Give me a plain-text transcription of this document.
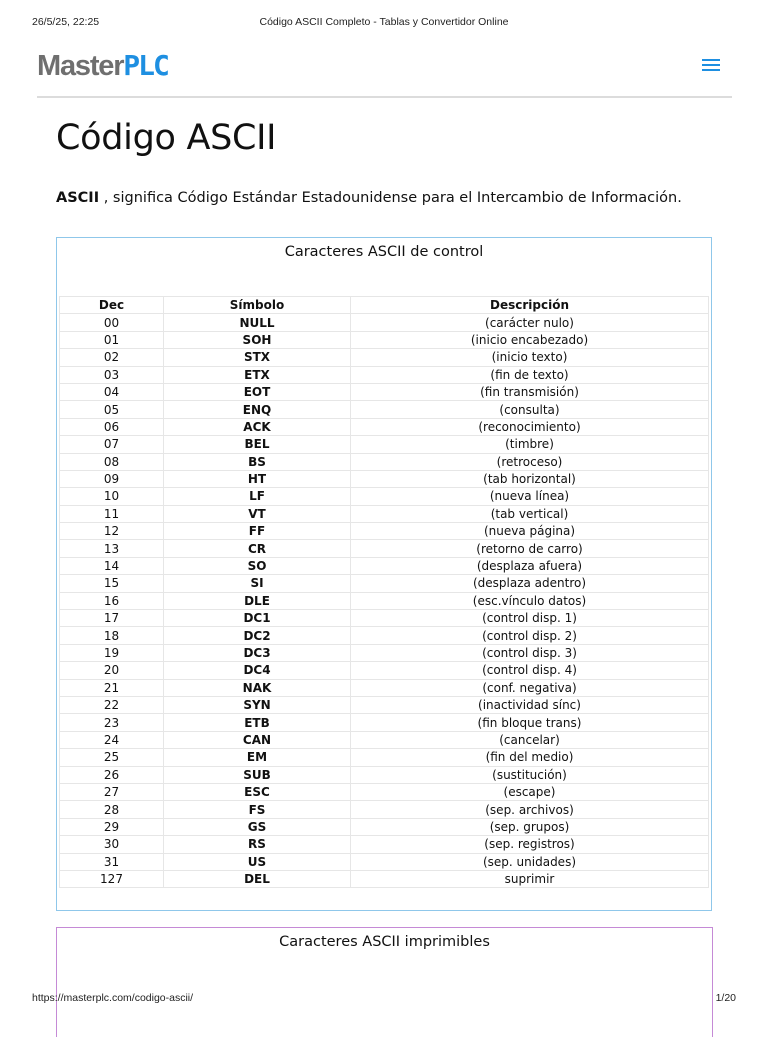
26/5/25, 22:25	Código ASCII Completo - Tablas y Convertidor Online
MasterPLC
Código ASCII

ASCII , significa Código Estándar Estadounidense para el Intercambio de Información.

Caracteres ASCII de control
Dec	Símbolo	Descripción
00	NULL	(carácter nulo)
01	SOH	(inicio encabezado)
02	STX	(inicio texto)
03	ETX	(fin de texto)
04	EOT	(fin transmisión)
05	ENQ	(consulta)
06	ACK	(reconocimiento)
07	BEL	(timbre)
08	BS	(retroceso)
09	HT	(tab horizontal)
10	LF	(nueva línea)
11	VT	(tab vertical)
12	FF	(nueva página)
13	CR	(retorno de carro)
14	SO	(desplaza afuera)
15	SI	(desplaza adentro)
16	DLE	(esc.vínculo datos)
17	DC1	(control disp. 1)
18	DC2	(control disp. 2)
19	DC3	(control disp. 3)
20	DC4	(control disp. 4)
21	NAK	(conf. negativa)
22	SYN	(inactividad sínc)
23	ETB	(fin bloque trans)
24	CAN	(cancelar)
25	EM	(fin del medio)
26	SUB	(sustitución)
27	ESC	(escape)
28	FS	(sep. archivos)
29	GS	(sep. grupos)
30	RS	(sep. registros)
31	US	(sep. unidades)
127	DEL	suprimir
Caracteres ASCII imprimibles
https://masterplc.com/codigo-ascii/	1/20
